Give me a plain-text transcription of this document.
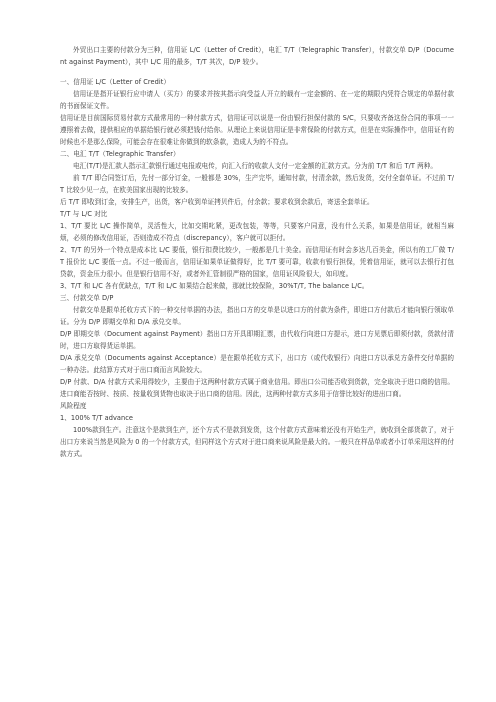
外贸出口主要的付款分为三种，信用证 L/C（Letter of Credit），电汇 T/T（Telegraphic Transfer），付款交单 D/P（Document against Payment），其中 L/C 用的最多，T/T 其次，D/P 较少。

一、信用证 L/C（Letter of Credit）

信用证是指开证银行应申请人（买方）的要求并按其指示向受益人开立的载有一定金额的、在一定的期限内凭符合规定的单据付款的书面保证文件。

信用证是目前国际贸易付款方式最常用的一种付款方式，信用证可以说是一份由银行担保付款的 S/C，只要收齐备这份合同的事项一一遵照着去做，提供相应的单据给银行就必须把钱付给你。从理论上来说信用证是非常保险的付款方式，但是在实际操作中，信用证有的时候也不是那么保险，可能会存在很难让你做到的软条款，造成人为的不符点。

二、电汇 T/T（Telegraphic Transfer）

电汇(T/T)是汇款人指示汇款银行通过电报或电传，向汇入行的收款人支付一定金额的汇款方式。分为前 T/T 和后 T/T 两种。

前 T/T 即合同签订后，先付一部分订金，一般都是 30%，生产完毕，通知付款，付清余款，然后发货，交付全套单证。不过前 T/T 比较少见一点，在欧美国家出现的比较多。

后 T/T 即收到订金，安排生产，出货，客户收到单证拷贝件后，付余款；要求收到余款后，寄送全套单证。

T/T 与 L/C 对比

1、T/T 要比 L/C 操作简单，灵活性大，比如交期叱紧，更改包装，等等，只要客户同意，没有什么关系，如果是信用证，就相当麻烦，必须的修改信用证，否则造成不符点（discrepancy），客户就可以拒付。

2、T/T 的另外一个特点是成本比 L/C 要低，银行扣费比较少，一般都是几十美金。而信用证有时会多达几百美金，所以有的工厂做 T/T 报价比 L/C 要低一点。不过一般而言，信用证如果单证做得好，比 T/T 要可靠，收款有银行担保，凭着信用证，就可以去银行打包贷款，资金压力很小。但是银行信用不好，或者外汇管制很严格的国家，信用证风险很大，如印度。

3、T/T 和 L/C 各有优缺点，T/T 和 L/C 如果结合起来做，那就比较保险，30%T/T, The balance L/C。

三、付款交单 D/P

付款交单是跟单托收方式下的一种交付单据的办法，指出口方的交单是以进口方的付款为条件，即进口方付款后才能向银行领取单证。分为 D/P 即期交单和 D/A 承兑交单。

D/P 即期交单（Document against Payment）指出口方开具即期汇票，由代收行向进口方提示，进口方见票后即须付款，货款付清时，进口方取得货运单据。

D/A 承兑交单（Documents against Acceptance）是在跟单托收方式下，出口方（或代收银行）向进口方以承兑方条件交付单据的一种办法。此结算方式对于出口商而言风险较大。

D/P 付款、D/A 付款方式采用得较少，主要由于这两种付款方式属于商业信用。即出口公司能否收到货款，完全取决于进口商的信用。进口商能否按时、按质、按量收到货物也取决于出口商的信用。因此，这两种付款方式多用于信誉比较好的进出口商。

风险程度

1、100% T/T advance

100%款到生产。注意这个是款到生产，还个方式不是款到发货，这个付款方式意味着还没有开始生产，就收到全部货款了，对于出口方来说当然是风险为 0 的一个付款方式，但同样这个方式对于进口商来说风险是最大的。一般只在样品单或者小订单采用这样的付款方式。
